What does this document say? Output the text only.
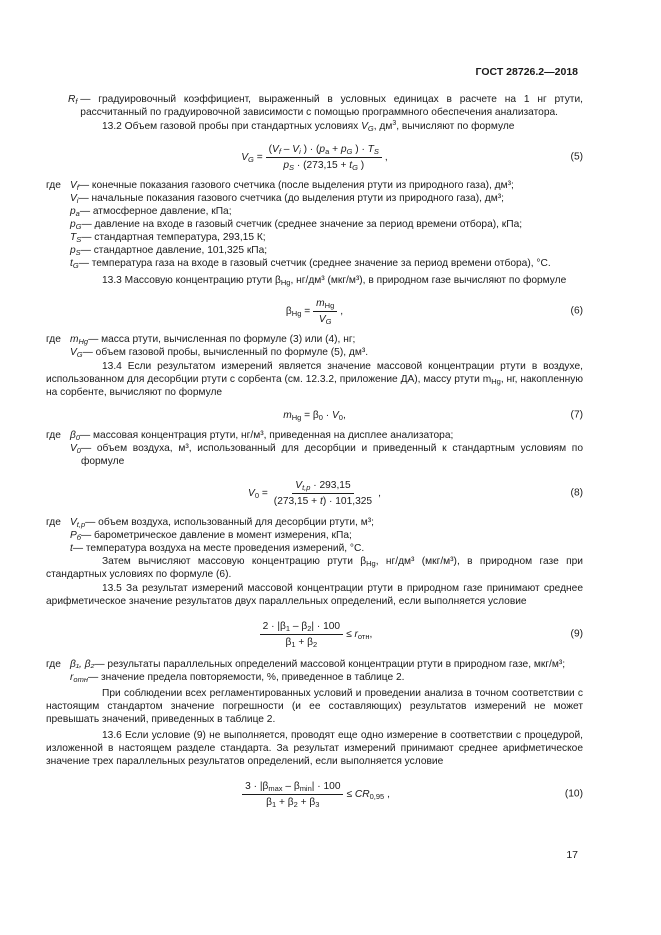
ГОСТ 28726.2—2018
$R_f$ — градуировочный коэффициент, выраженный в условных единицах в расчете на 1 нг ртути, рассчитанный по градуировочной зависимости с помощью программного обеспечения анализатора.

13.2 Объем газовой пробы при стандартных условиях $V_G$, $дм^3$, вычисляют по формуле

$V_G = \frac{(V_f - V_i ) \cdot (p_a + p_G ) \cdot T_S}{p_S \cdot (273,15 + t_G )}$ ,	(5)
где $V_f$ — конечные показания газового счетчика (после выделения ртути из природного газа), дм³;
$V_i$ — начальные показания газового счетчика (до выделения ртути из природного газа), дм³;
$p_a$ — атмосферное давление, кПа;
$p_G$ — давление на входе в газовый счетчик (среднее значение за период времени отбора), кПа;
$T_S$ — стандартная температура, 293,15 К;
$p_S$ — стандартное давление, 101,325 кПа;
$t_G$ — температура газа на входе в газовый счетчик (среднее значение за период времени отбора), °С.

13.3 Массовую концентрацию ртути $\beta_{Hg}$, нг/дм³ (мкг/м³), в природном газе вычисляют по формуле

$\beta_{Hg} = \frac{m_{Hg}}{V_G}$ ,	(6)
где $m_{Hg}$ — масса ртути, вычисленная по формуле (3) или (4), нг;
$V_G$ — объем газовой пробы, вычисленный по формуле (5), дм³.

13.4 Если результатом измерений является значение массовой концентрации ртути в воздухе, использованном для десорбции ртути с сорбента (см. 12.3.2, приложение ДА), массу ртути $m_{Hg}$, нг, накопленную на сорбенте, вычисляют по формуле

$m_{Hg} = \beta_0 \cdot V_0$,	(7)
где $\beta_0$ — массовая концентрация ртути, нг/м³, приведенная на дисплее анализатора;
$V_0$ — объем воздуха, м³, использованный для десорбции и приведенный к стандартным условиям по формуле
$V_0 = \frac{V_{t,p} \cdot 293,15}{(273,15 + t) \cdot 101,325}$ ,	(8)
где $V_{t,p}$ — объем воздуха, использованный для десорбции ртути, м³;
$P_б$ — барометрическое давление в момент измерения, кПа;
t — температура воздуха на месте проведения измерений, °С.

Затем вычисляют массовую концентрацию ртути $\beta_{Hg}$, нг/дм³ (мкг/м³), в природном газе при стандартных условиях по формуле (6).

13.5 За результат измерений массовой концентрации ртути в природном газе принимают среднее арифметическое значение результатов двух параллельных определений, если выполняется условие

$\frac{2 \cdot |\beta_1 - \beta_2| \cdot 100}{\beta_1 + \beta_2} \le r_{отн}$,	(9)
где β₁, β₂ — результаты параллельных определений массовой концентрации ртути в природном газе, мкг/м³;
$r_{отн}$ — значение предела повторяемости, %, приведенное в таблице 2.

При соблюдении всех регламентированных условий и проведении анализа в точном соответствии с настоящим стандартом значение погрешности (и ее составляющих) результатов измерений не может превышать значений, приведенных в таблице 2.

13.6 Если условие (9) не выполняется, проводят еще одно измерение в соответствии с процедурой, изложенной в настоящем разделе стандарта. За результат измерений принимают среднее арифметическое значение трех параллельных результатов определений, если выполняется условие

$\frac{3 \cdot |\beta_{max} - \beta_{min}| \cdot 100}{\beta_1 + \beta_2 + \beta_3} \le CR_{0,95}$ ,	(10)
17
